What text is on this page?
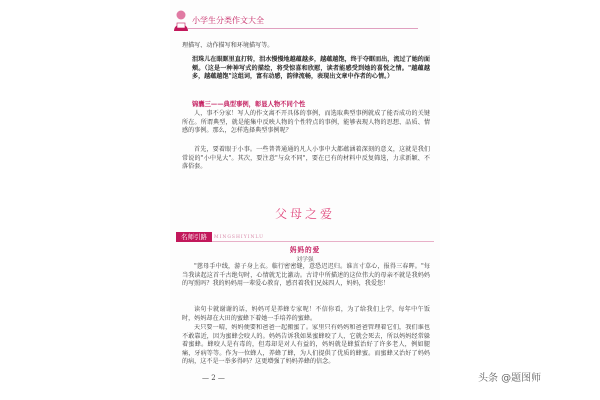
小学生分类作文大全

理描写、动作描写和环境描写等。

泪珠儿在眼眶里直打转，泪水慢慢地越蕴越多，越蕴越饱，终于夺眶而出，流过了她的面颊。（这是一种神写式的描绘，将受惊喜和欣慰，读者能感受到她的喜悦之情。"越蕴越多，越蕴越饱"这组词，富有动感，韵律流畅，表现出文章中作者的心情。）

锦囊三——典型事例，彰显人物不同个性

人，事不分家！写人的作文离不开具体的事例，而选取典型事例就成了能否成功的关键所在。所谓典型，就是能集中反映人物的个性特点的事例，能够表现人物的思想、品质、情感的事例。那么，怎样选择典型事例呢？

首先，要着眼于小事。一些普普通通的凡人小事中大都蕴涵着深刻的意义，这就是我们常说的"小中见大"。其次，要注意"与众不同"，要在已有的材料中反复筛选，力求新颖、不落俗套。

父母之爱
名师引路	MINGSHIYINLU
妈妈的爱
刘学强

"慈母手中线，游子身上衣。临行密密缝，意恐迟迟归。谁言寸草心，报得三春晖。"每当我读起这首千古绝句时，心情就无比激动。古诗中所描述的这位伟大的母亲不就是我妈妈的写照吗？我的妈妈用一辈爱心教育，感召着我们兄妹四人，妈妈，我爱您！

读句卡就谢谢的话，妈妈可是养蜂专家呢！不信你看，为了给我们上学，每年中午饭时，妈妈却在大田的蜜蜂下着她一手培养的蜜蜂。

天只要一晴，妈妈便要和爸爸一起搬蜜了。家里只有妈妈和爸爸管理着它们，我们谁也不敢靠近，因为蜜蜂会咬人的。妈妈告诉我如果蜜蜂咬了人，它就会死去，所以妈妈经常躲着蜜蜂。蜂咬人是有毒的，但毒却是对人有益的，妈妈就是蜂蜇治好了许多老人，例如腿痛，牙病等等。作为一位蜂人，养蜂了蜂，为人们提供了优质的蜂蜜。而蜜蜂又治好了妈妈的病，这不是一举多得吗？这更增强了妈妈养蜂的信念。

— 2 —	头条 @题图师
